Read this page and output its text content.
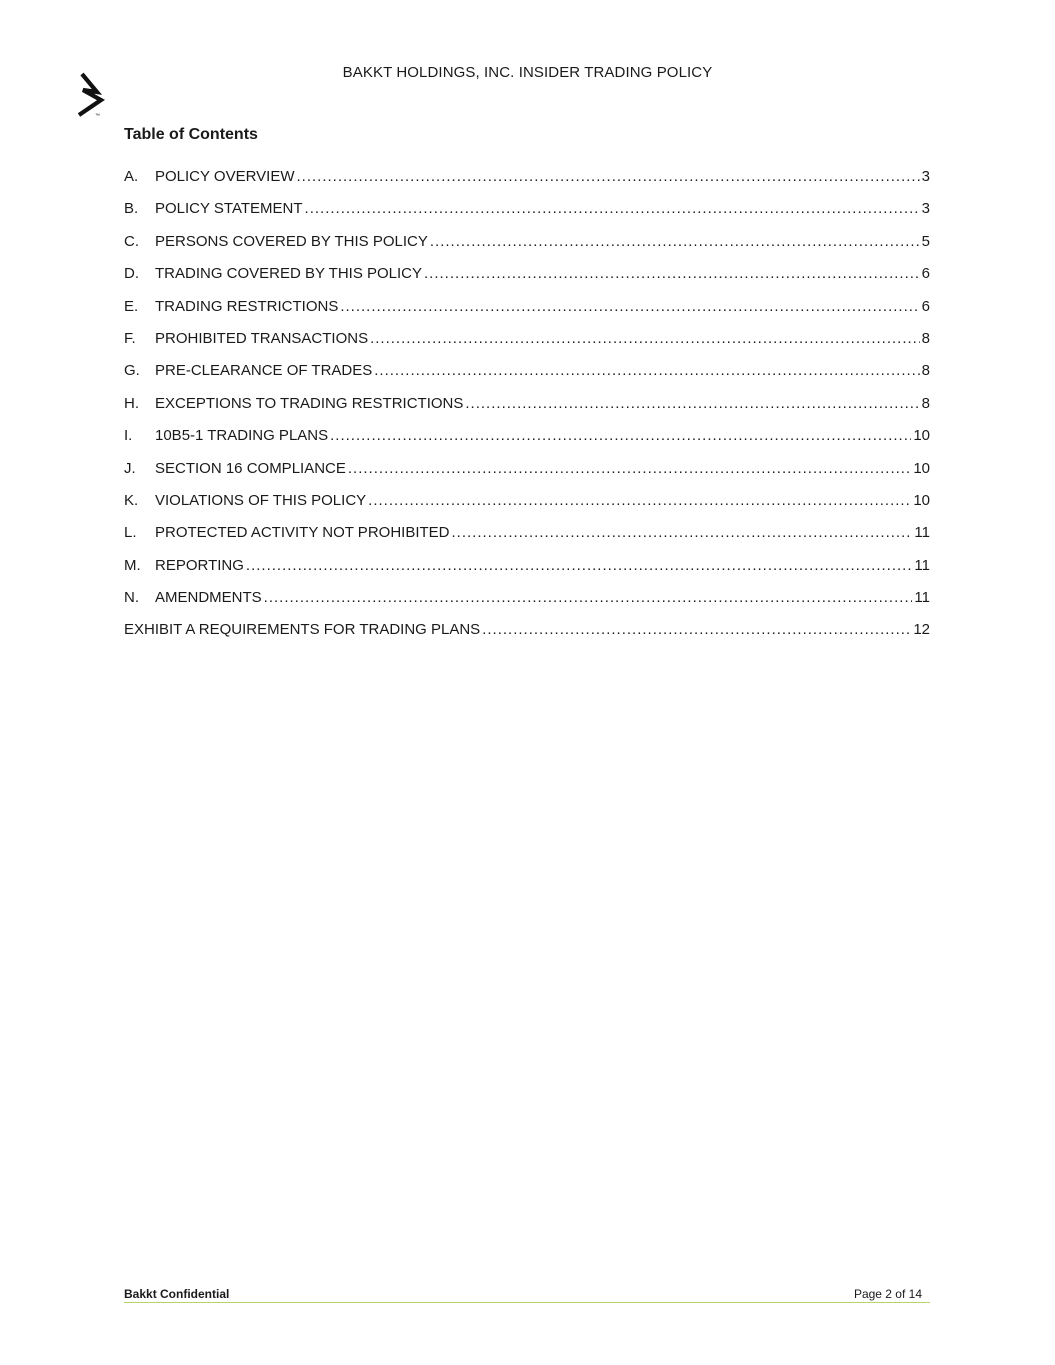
™
BAKKT HOLDINGS, INC. INSIDER TRADING POLICY
Table of Contents
A.	POLICY OVERVIEW .....	3
B.	POLICY STATEMENT .....	3
C.	PERSONS COVERED BY THIS POLICY .....	5
D.	TRADING COVERED BY THIS POLICY .....	6
E.	TRADING RESTRICTIONS .....	6
F.	PROHIBITED TRANSACTIONS .....	8
G.	PRE-CLEARANCE OF TRADES .....	8
H.	EXCEPTIONS TO TRADING RESTRICTIONS .....	8
I.	10B5-1 TRADING PLANS .....	10
J.	SECTION 16 COMPLIANCE .....	10
K.	VIOLATIONS OF THIS POLICY .....	10
L.	PROTECTED ACTIVITY NOT PROHIBITED .....	11
M. REPORTING .....	11
N.	AMENDMENTS .....	11
EXHIBIT A REQUIREMENTS FOR TRADING PLANS .....	12
Bakkt Confidential	Page 2 of 14
